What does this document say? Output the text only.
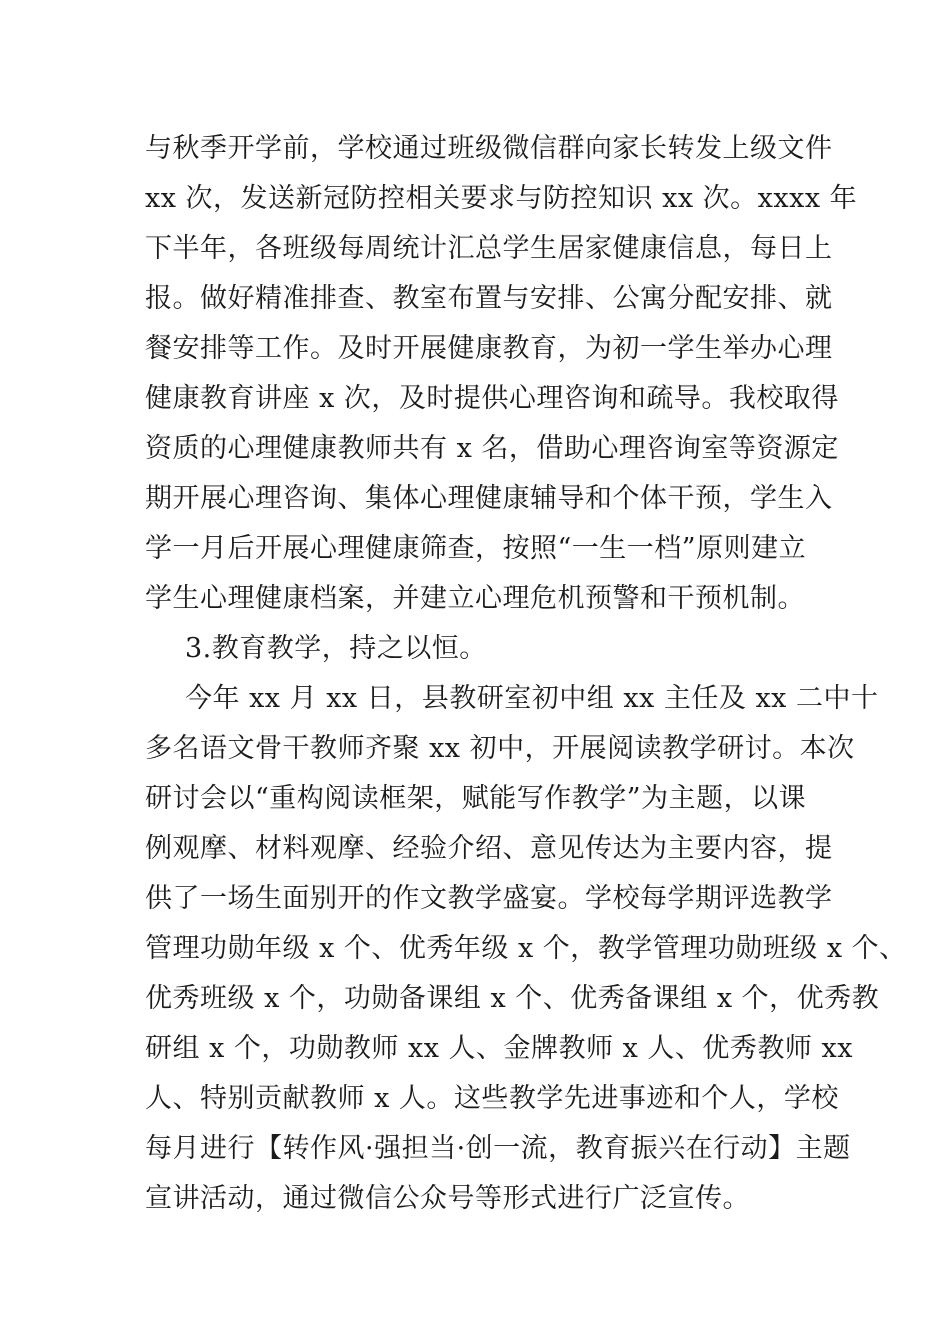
与秋季开学前，学校通过班级微信群向家长转发上级文件
xx 次，发送新冠防控相关要求与防控知识 xx 次。xxxx 年
下半年，各班级每周统计汇总学生居家健康信息，每日上
报。做好精准排查、教室布置与安排、公寓分配安排、就
餐安排等工作。及时开展健康教育，为初一学生举办心理
健康教育讲座 x 次，及时提供心理咨询和疏导。我校取得
资质的心理健康教师共有 x 名，借助心理咨询室等资源定
期开展心理咨询、集体心理健康辅导和个体干预，学生入
学一月后开展心理健康筛查，按照“一生一档”原则建立
学生心理健康档案，并建立心理危机预警和干预机制。
3.教育教学，持之以恒。
今年 xx 月 xx 日，县教研室初中组 xx 主任及 xx 二中十
多名语文骨干教师齐聚 xx 初中，开展阅读教学研讨。本次
研讨会以“重构阅读框架，赋能写作教学”为主题，以课
例观摩、材料观摩、经验介绍、意见传达为主要内容，提
供了一场生面别开的作文教学盛宴。学校每学期评选教学
管理功勋年级 x 个、优秀年级 x 个，教学管理功勋班级 x 个、
优秀班级 x 个，功勋备课组 x 个、优秀备课组 x 个，优秀教
研组 x 个，功勋教师 xx 人、金牌教师 x 人、优秀教师 xx
人、特别贡献教师 x 人。这些教学先进事迹和个人，学校
每月进行【转作风·强担当·创一流，教育振兴在行动】主题
宣讲活动，通过微信公众号等形式进行广泛宣传。
